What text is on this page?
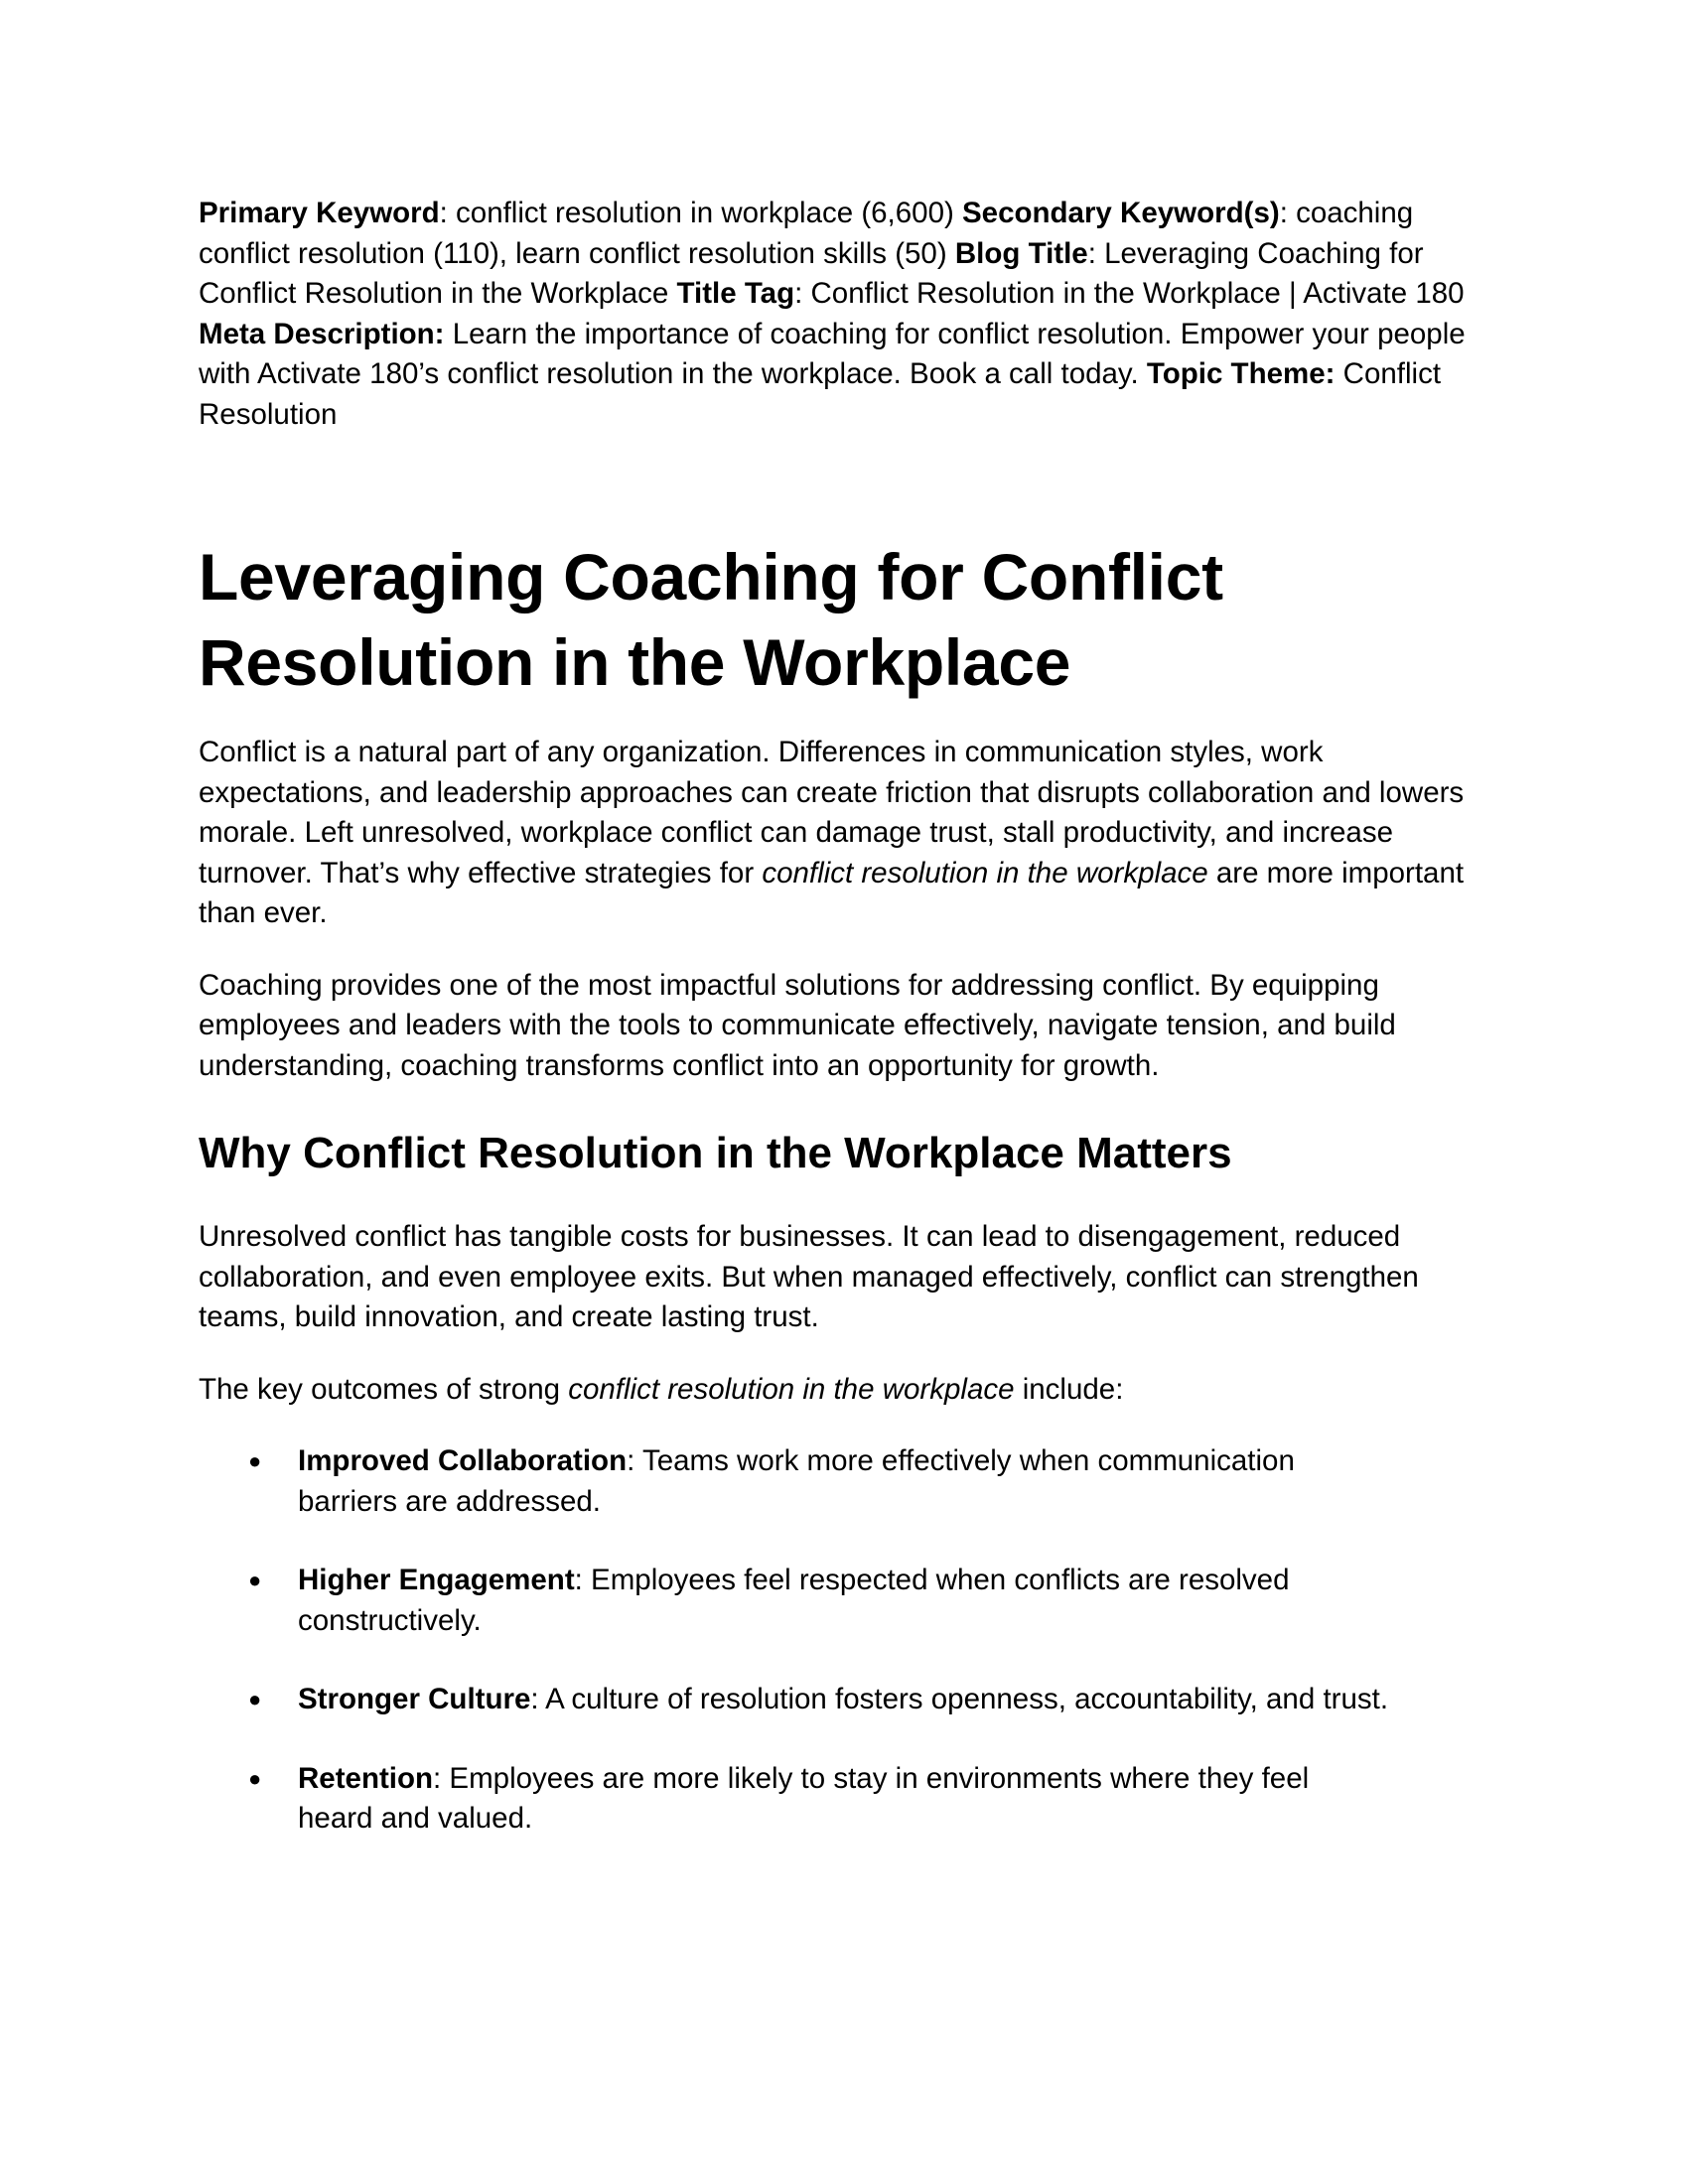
Primary Keyword: conflict resolution in workplace (6,600) Secondary Keyword(s): coaching conflict resolution (110), learn conflict resolution skills (50) Blog Title: Leveraging Coaching for Conflict Resolution in the Workplace Title Tag: Conflict Resolution in the Workplace | Activate 180 Meta Description: Learn the importance of coaching for conflict resolution. Empower your people with Activate 180’s conflict resolution in the workplace. Book a call today. Topic Theme: Conflict Resolution

Leveraging Coaching for Conflict Resolution in the Workplace

Conflict is a natural part of any organization. Differences in communication styles, work expectations, and leadership approaches can create friction that disrupts collaboration and lowers morale. Left unresolved, workplace conflict can damage trust, stall productivity, and increase turnover. That’s why effective strategies for conflict resolution in the workplace are more important than ever.

Coaching provides one of the most impactful solutions for addressing conflict. By equipping employees and leaders with the tools to communicate effectively, navigate tension, and build understanding, coaching transforms conflict into an opportunity for growth.

Why Conflict Resolution in the Workplace Matters

Unresolved conflict has tangible costs for businesses. It can lead to disengagement, reduced collaboration, and even employee exits. But when managed effectively, conflict can strengthen teams, build innovation, and create lasting trust.

The key outcomes of strong conflict resolution in the workplace include:

● Improved Collaboration: Teams work more effectively when communication barriers are addressed.
● Higher Engagement: Employees feel respected when conflicts are resolved constructively.
● Stronger Culture: A culture of resolution fosters openness, accountability, and trust.
● Retention: Employees are more likely to stay in environments where they feel heard and valued.
